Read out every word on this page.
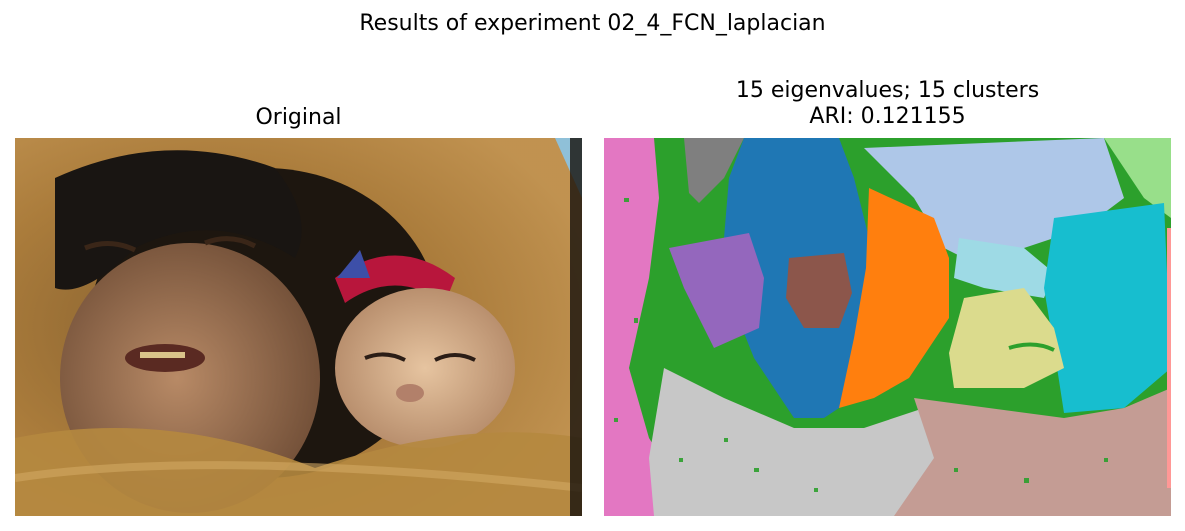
Results of experiment 02_4_FCN_laplacian
Original
15 eigenvalues; 15 clusters
ARI: 0.121155
